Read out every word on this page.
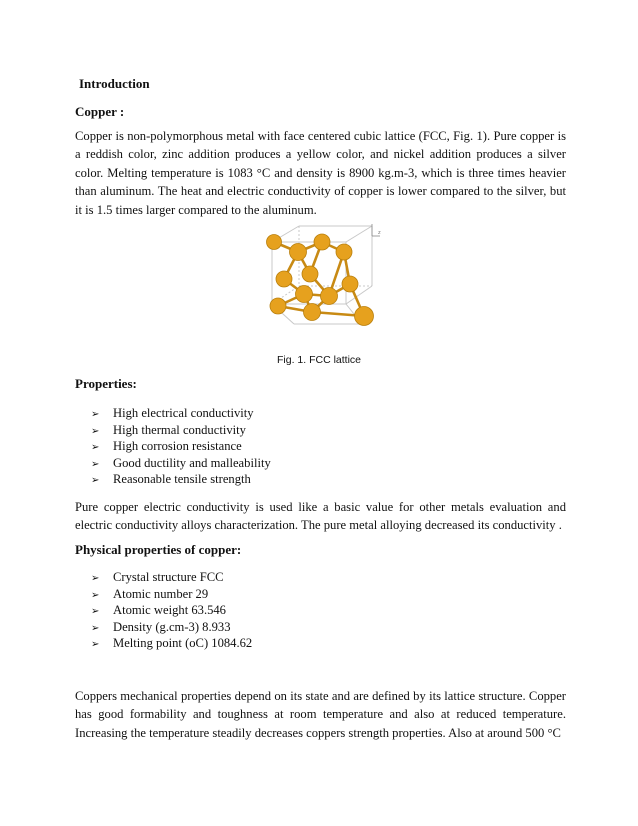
Introduction

Copper :

Copper is non-polymorphous metal with face centered cubic lattice (FCC, Fig. 1). Pure copper is a reddish color, zinc addition produces a yellow color, and nickel addition produces a silver color. Melting temperature is 1083 °C and density is 8900 kg.m-3, which is three times heavier than aluminum. The heat and electric conductivity of copper is lower compared to the silver, but it is 1.5 times larger compared to the aluminum.

z

Fig. 1. FCC lattice

Properties:

➢ High electrical conductivity
➢ High thermal conductivity
➢ High corrosion resistance
➢ Good ductility and malleability
➢ Reasonable tensile strength

Pure copper electric conductivity is used like a basic value for other metals evaluation and electric conductivity alloys characterization. The pure metal alloying decreased its conductivity .

Physical properties of copper:

➢ Crystal structure FCC
➢ Atomic number 29
➢ Atomic weight 63.546
➢ Density (g.cm-3) 8.933
➢ Melting point (oC) 1084.62

Coppers mechanical properties depend on its state and are defined by its lattice structure. Copper has good formability and toughness at room temperature and also at reduced temperature. Increasing the temperature steadily decreases coppers strength properties. Also at around 500 °C
